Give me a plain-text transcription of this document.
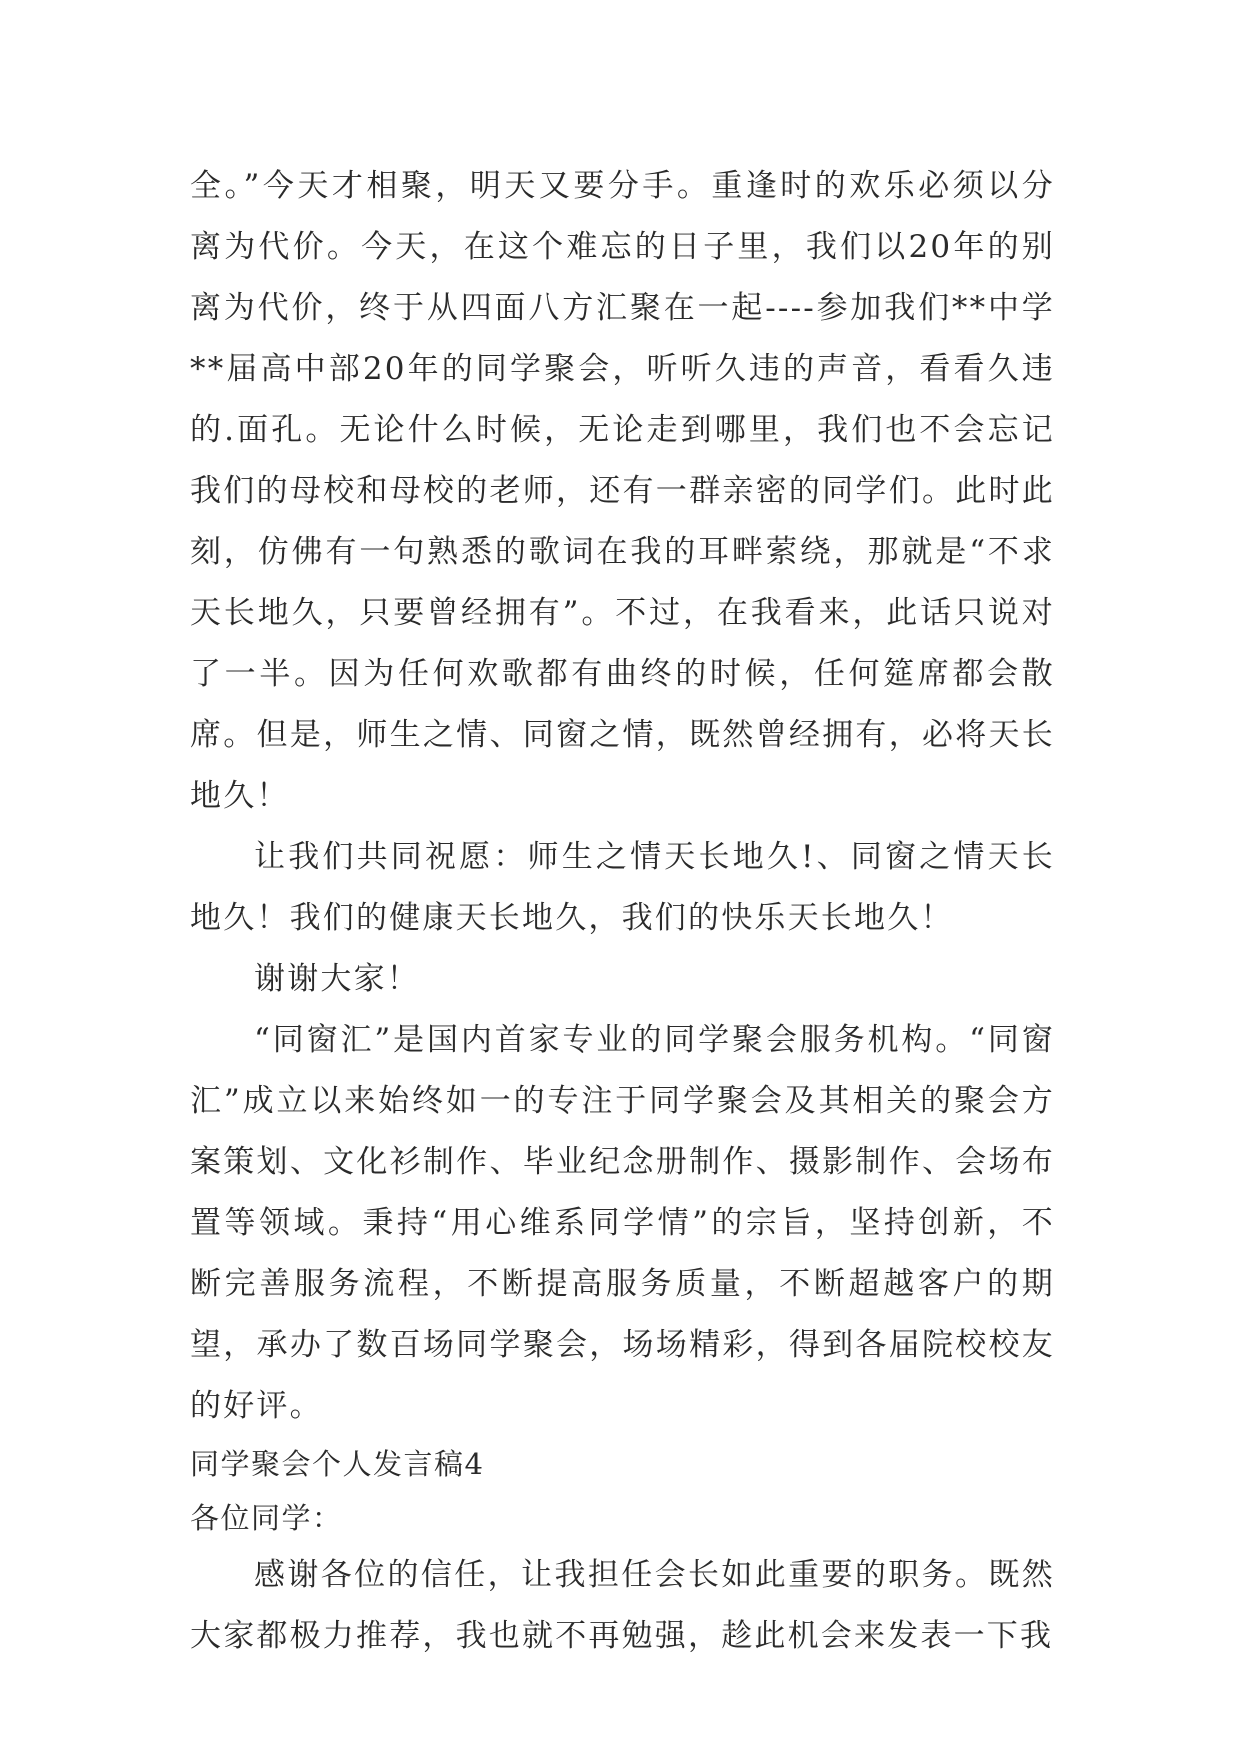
全。”今天才相聚，明天又要分手。重逢时的欢乐必须以分离为代价。今天，在这个难忘的日子里，我们以20年的别离为代价，终于从四面八方汇聚在一起----参加我们**中学**届高中部20年的同学聚会，听听久违的声音，看看久违的.面孔。无论什么时候，无论走到哪里，我们也不会忘记我们的母校和母校的老师，还有一群亲密的同学们。此时此刻，仿佛有一句熟悉的歌词在我的耳畔萦绕，那就是“不求天长地久，只要曾经拥有”。不过，在我看来，此话只说对了一半。因为任何欢歌都有曲终的时候，任何筵席都会散席。但是，师生之情、同窗之情，既然曾经拥有，必将天长地久！

让我们共同祝愿：师生之情天长地久!、同窗之情天长地久！我们的健康天长地久，我们的快乐天长地久！

谢谢大家！

“同窗汇”是国内首家专业的同学聚会服务机构。“同窗汇”成立以来始终如一的专注于同学聚会及其相关的聚会方案策划、文化衫制作、毕业纪念册制作、摄影制作、会场布置等领域。秉持“用心维系同学情”的宗旨，坚持创新，不断完善服务流程，不断提高服务质量，不断超越客户的期望，承办了数百场同学聚会，场场精彩，得到各届院校校友的好评。

同学聚会个人发言稿4

各位同学：

感谢各位的信任，让我担任会长如此重要的职务。既然大家都极力推荐，我也就不再勉强，趁此机会来发表一下我
